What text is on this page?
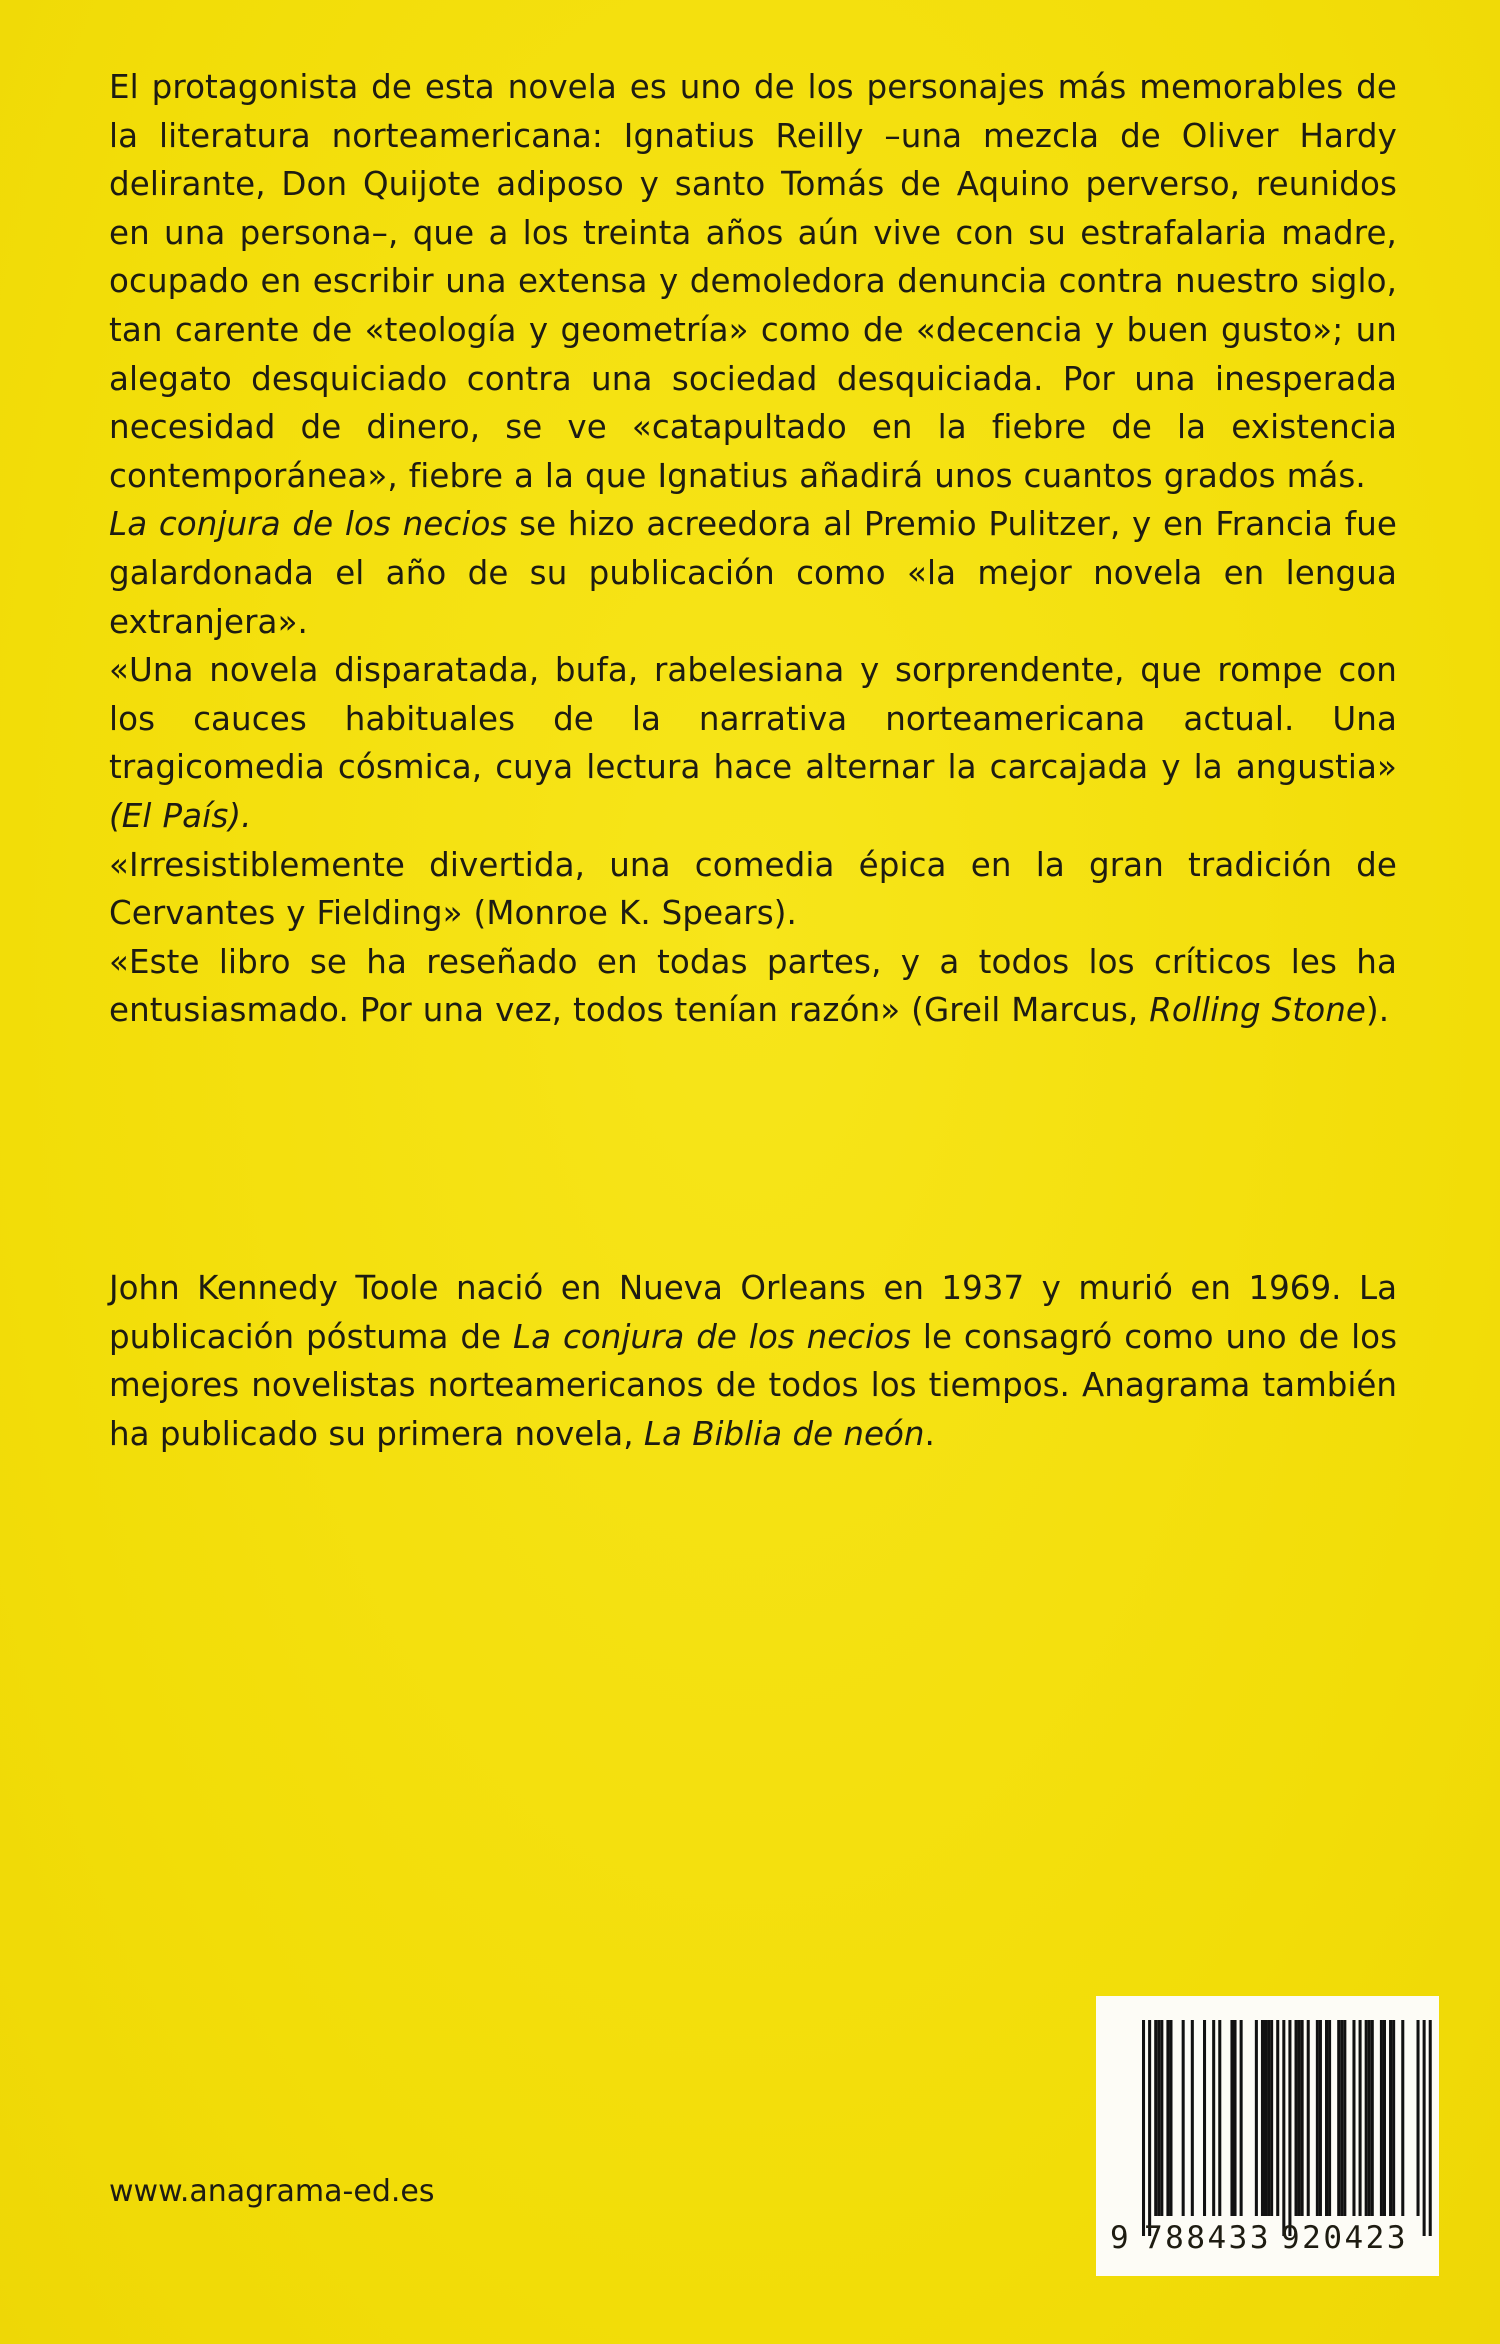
El protagonista de esta novela es uno de los personajes más memorables de la literatura norteamericana: Ignatius Reilly –una mezcla de Oliver Hardy delirante, Don Quijote adiposo y santo Tomás de Aquino perverso, reunidos en una persona–, que a los treinta años aún vive con su estrafalaria madre, ocupado en escribir una extensa y demoledora denuncia contra nuestro siglo, tan carente de «teología y geometría» como de «decencia y buen gusto»; un alegato desquiciado contra una sociedad desquiciada. Por una inesperada necesidad de dinero, se ve «catapultado en la fiebre de la existencia contemporánea», fiebre a la que Ignatius añadirá unos cuantos grados más.

La conjura de los necios se hizo acreedora al Premio Pulitzer, y en Francia fue galardonada el año de su publicación como «la mejor novela en lengua extranjera».

«Una novela disparatada, bufa, rabelesiana y sorprendente, que rompe con los cauces habituales de la narrativa norteamericana actual. Una tragicomedia cósmica, cuya lectura hace alternar la carcajada y la angustia» (El País).

«Irresistiblemente divertida, una comedia épica en la gran tradición de Cervantes y Fielding» (Monroe K. Spears).

«Este libro se ha reseñado en todas partes, y a todos los críticos les ha entusiasmado. Por una vez, todos tenían razón» (Greil Marcus, Rolling Stone).

John Kennedy Toole nació en Nueva Orleans en 1937 y murió en 1969. La publicación póstuma de La conjura de los necios le consagró como uno de los mejores novelistas norteamericanos de todos los tiempos. Anagrama también ha publicado su primera novela, La Biblia de neón.

www.anagrama-ed.es
9 788433 920423
